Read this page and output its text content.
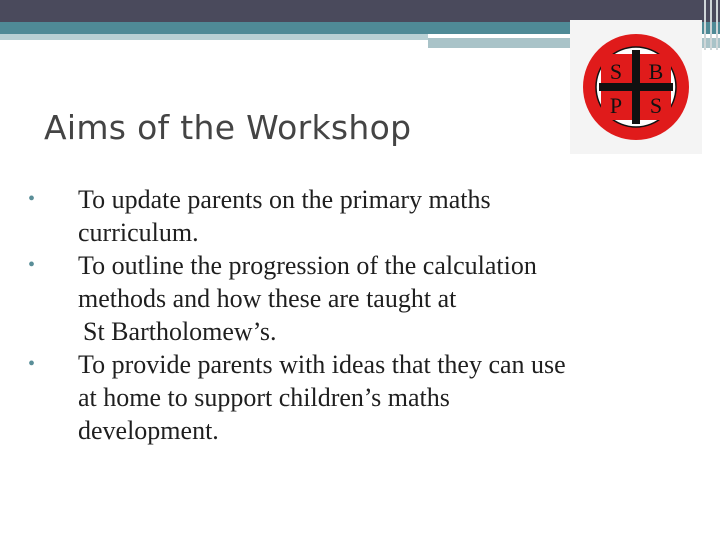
S B
P S
Aims of the Workshop
•	To update parents on the primary maths
curriculum.
•	To outline the progression of the calculation
methods and how these are taught at
St Bartholomew’s.
•	To provide parents with ideas that they can use
at home to support children’s maths
development.
